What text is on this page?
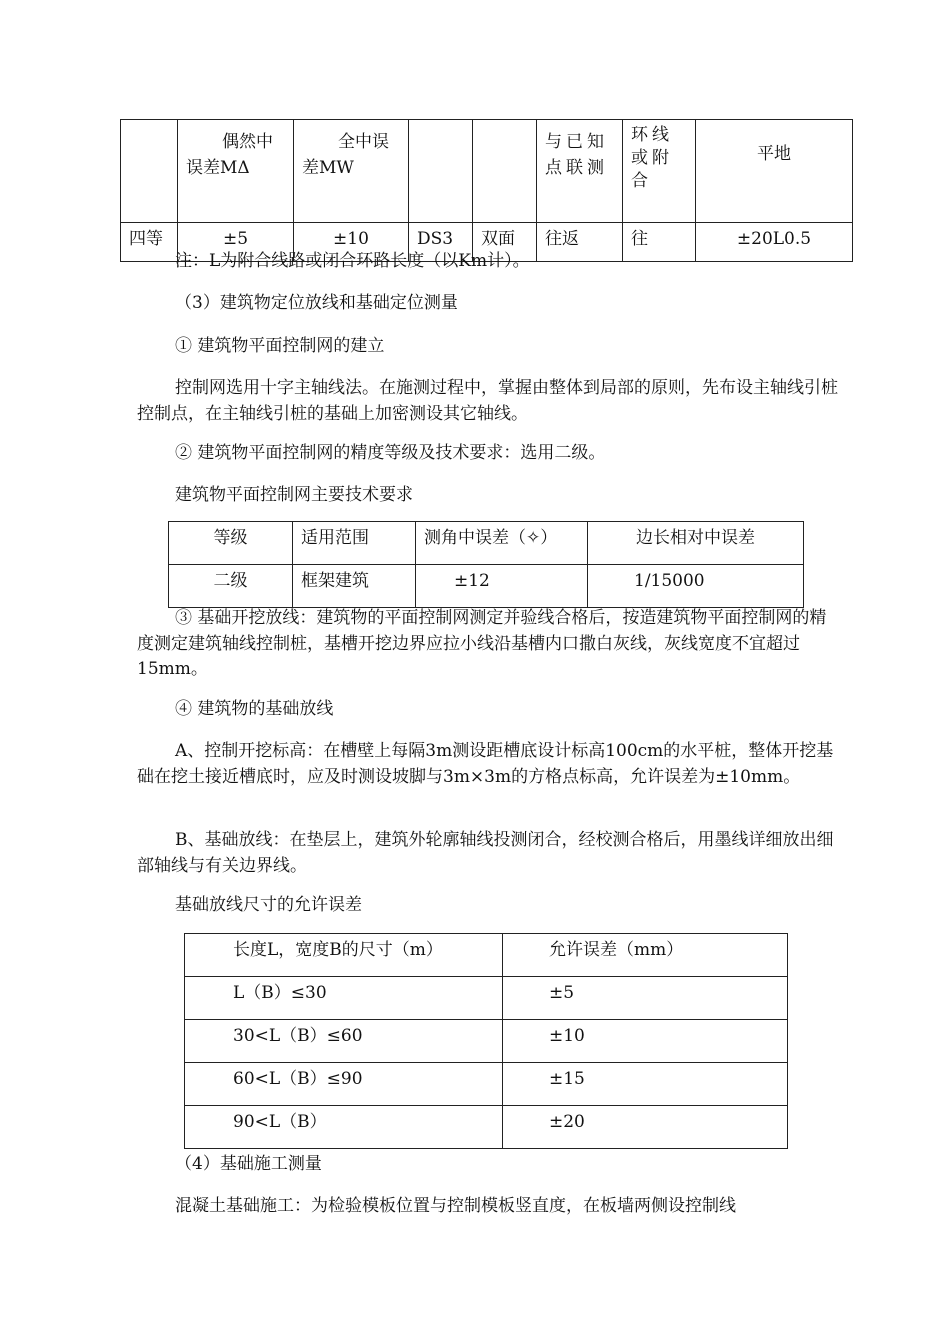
	偶然中误差MΔ	全中误差MW			与已知点联测	环线或附合	平地
四等	±5	±10	DS3	双面	往返	往	±20L0.5

注：L为附合线路或闭合环路长度（以Km计）。

（3）建筑物定位放线和基础定位测量

① 建筑物平面控制网的建立

控制网选用十字主轴线法。在施测过程中，掌握由整体到局部的原则，先布设主轴线引桩控制点，在主轴线引桩的基础上加密测设其它轴线。

② 建筑物平面控制网的精度等级及技术要求：选用二级。

建筑物平面控制网主要技术要求

等级	适用范围	测角中误差（✧）	边长相对中误差
二级	框架建筑	±12	1/15000

③ 基础开挖放线：建筑物的平面控制网测定并验线合格后，按造建筑物平面控制网的精度测定建筑轴线控制桩，基槽开挖边界应拉小线沿基槽内口撒白灰线，灰线宽度不宜超过15mm。

④ 建筑物的基础放线

A、控制开挖标高：在槽壁上每隔3m测设距槽底设计标高100cm的水平桩，整体开挖基础在挖土接近槽底时，应及时测设坡脚与3m×3m的方格点标高，允许误差为±10mm。

B、基础放线：在垫层上，建筑外轮廓轴线投测闭合，经校测合格后，用墨线详细放出细部轴线与有关边界线。

基础放线尺寸的允许误差

长度L，宽度B的尺寸（m）	允许误差（mm）
L（B）≤30	±5
30<L（B）≤60	±10
60<L（B）≤90	±15
90<L（B）	±20

（4）基础施工测量

混凝土基础施工：为检验模板位置与控制模板竖直度，在板墙两侧设控制线
